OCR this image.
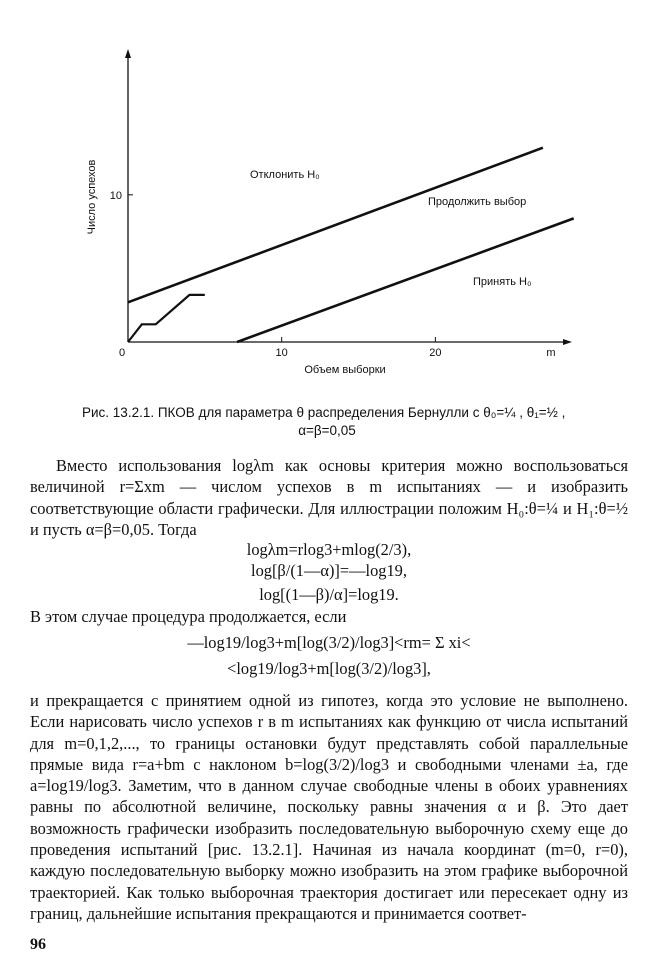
0	10	20	m
10
Число успехов
Объем выборки
Отклонить H₀
Продолжить выбор
Принять H₀
Рис. 13.2.1. ПКОВ для параметра θ распределения Бернулли с θ₀=¼ , θ₁=½ ,
α=β=0,05

Вместо использования logλm как основы критерия можно воспользоваться величиной r=Σxm — числом успехов в m испытаниях — и изобразить соответствующие области графически. Для иллюстрации положим H₀:θ=¼ и H₁:θ=½ и пусть α=β=0,05. Тогда

logλm=rlog3+mlog(2/3),
log[β/(1—α)]=—log19,
log[(1—β)/α]=log19.

В этом случае процедура продолжается, если

—log19/log3+m[log(3/2)/log3]<rm= Σ xi<
<log19/log3+m[log(3/2)/log3],

и прекращается с принятием одной из гипотез, когда это условие не выполнено. Если нарисовать число успехов r в m испытаниях как функцию от числа испытаний для m=0,1,2,..., то границы остановки будут представлять собой параллельные прямые вида r=a+bm с наклоном b=log(3/2)/log3 и свободными членами ±a, где a=log19/log3. Заметим, что в данном случае свободные члены в обоих уравнениях равны по абсолютной величине, поскольку равны значения α и β. Это дает возможность графически изобразить последовательную выборочную схему еще до проведения испытаний [рис. 13.2.1]. Начиная из начала координат (m=0, r=0), каждую последовательную выборку можно изобразить на этом графике выборочной траекторией. Как только выборочная траектория достигает или пересекает одну из границ, дальнейшие испытания прекращаются и принимается соответ-

96
